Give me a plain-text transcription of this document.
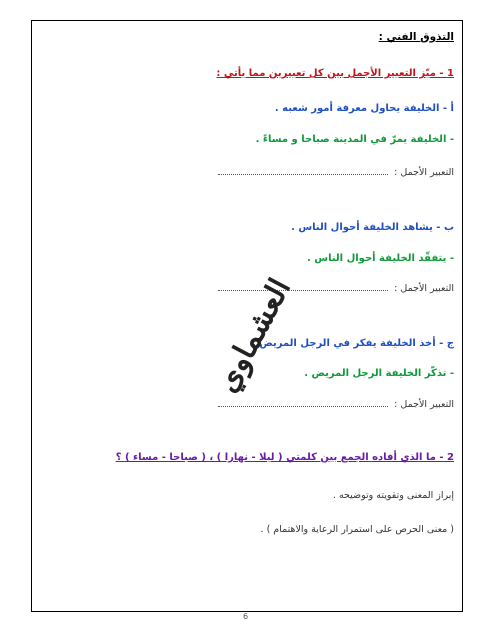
التذوق الفني :
1 - ميّز التعبير الأجمل بين كل تعبيرين مما يأتي :
أ - الخليفة يحاول معرفة أمور شعبه .
- الخليفة يمرّ في المدينة صباحا و مساءً .
التعبير الأجمل :
ب - يشاهد الخليفة أحوال الناس .
- يتفقّد الخليفة أحوال الناس .
التعبير الأجمل :
ج - أخذ الخليفة يفكر في الرجل المريض .
- تذكّر الخليفة الرجل المريض .
التعبير الأجمل :
2 - ما الذي أفاده الجمع بين كلمتي ( ليلا - نهارا ) ، ( صباحا - مساء ) ؟
إبراز المعنى وتقويته وتوضيحه .
( معنى الحرص على استمرار الرعاية والاهتمام ) .
العشماوي
6
